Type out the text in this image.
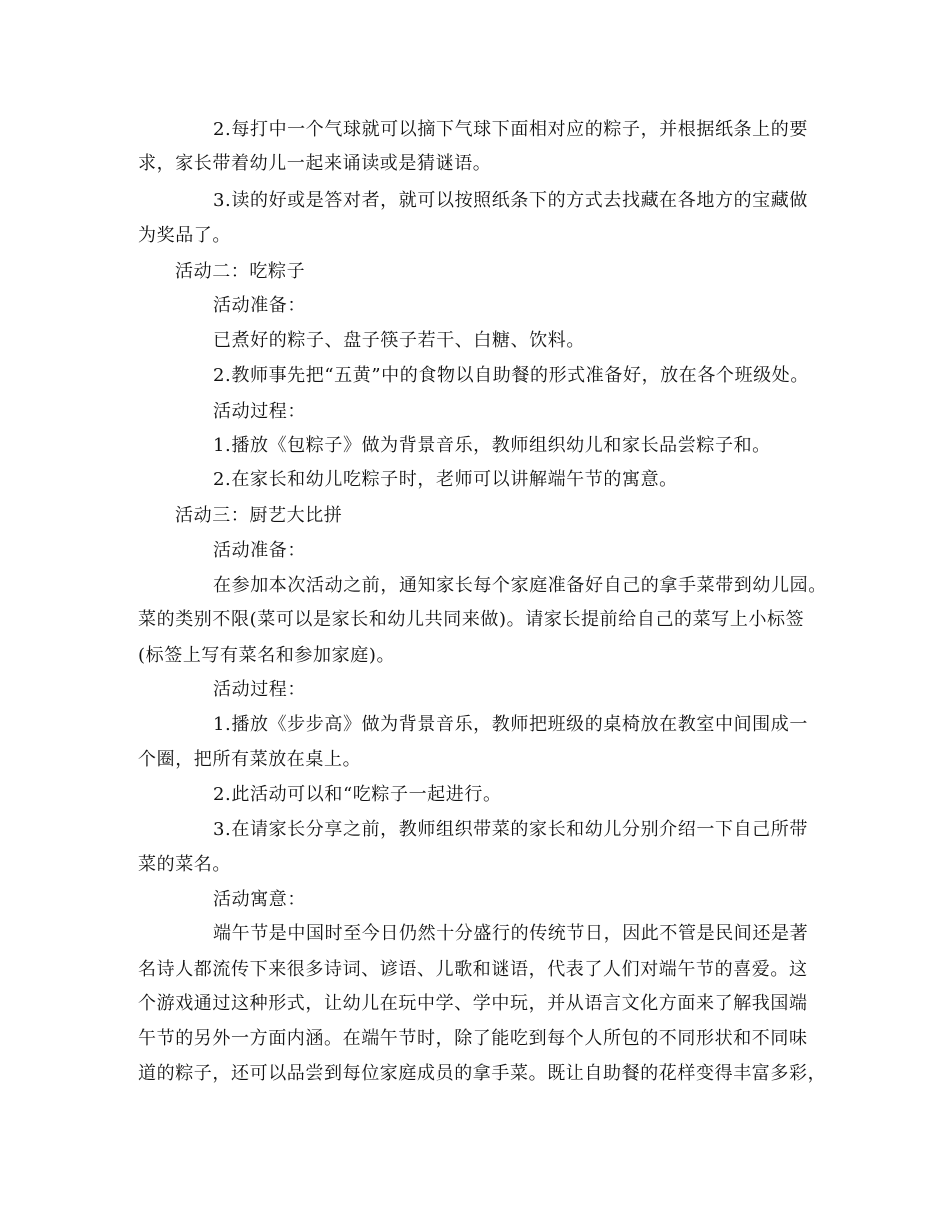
2.每打中一个气球就可以摘下气球下面相对应的粽子，并根据纸条上的要
求，家长带着幼儿一起来诵读或是猜谜语。
3.读的好或是答对者，就可以按照纸条下的方式去找藏在各地方的宝藏做
为奖品了。
活动二：吃粽子
活动准备：
已煮好的粽子、盘子筷子若干、白糖、饮料。
2.教师事先把“五黄”中的食物以自助餐的形式准备好，放在各个班级处。
活动过程：
1.播放《包粽子》做为背景音乐，教师组织幼儿和家长品尝粽子和。
2.在家长和幼儿吃粽子时，老师可以讲解端午节的寓意。
活动三：厨艺大比拼
活动准备：
在参加本次活动之前，通知家长每个家庭准备好自己的拿手菜带到幼儿园。
菜的类别不限(菜可以是家长和幼儿共同来做)。请家长提前给自己的菜写上小标签
(标签上写有菜名和参加家庭)。
活动过程：
1.播放《步步高》做为背景音乐，教师把班级的桌椅放在教室中间围成一
个圈，把所有菜放在桌上。
2.此活动可以和“吃粽子一起进行。
3.在请家长分享之前，教师组织带菜的家长和幼儿分别介绍一下自己所带
菜的菜名。
活动寓意：
端午节是中国时至今日仍然十分盛行的传统节日，因此不管是民间还是著
名诗人都流传下来很多诗词、谚语、儿歌和谜语，代表了人们对端午节的喜爱。这
个游戏通过这种形式，让幼儿在玩中学、学中玩，并从语言文化方面来了解我国端
午节的另外一方面内涵。在端午节时，除了能吃到每个人所包的不同形状和不同味
道的粽子，还可以品尝到每位家庭成员的拿手菜。既让自助餐的花样变得丰富多彩，
